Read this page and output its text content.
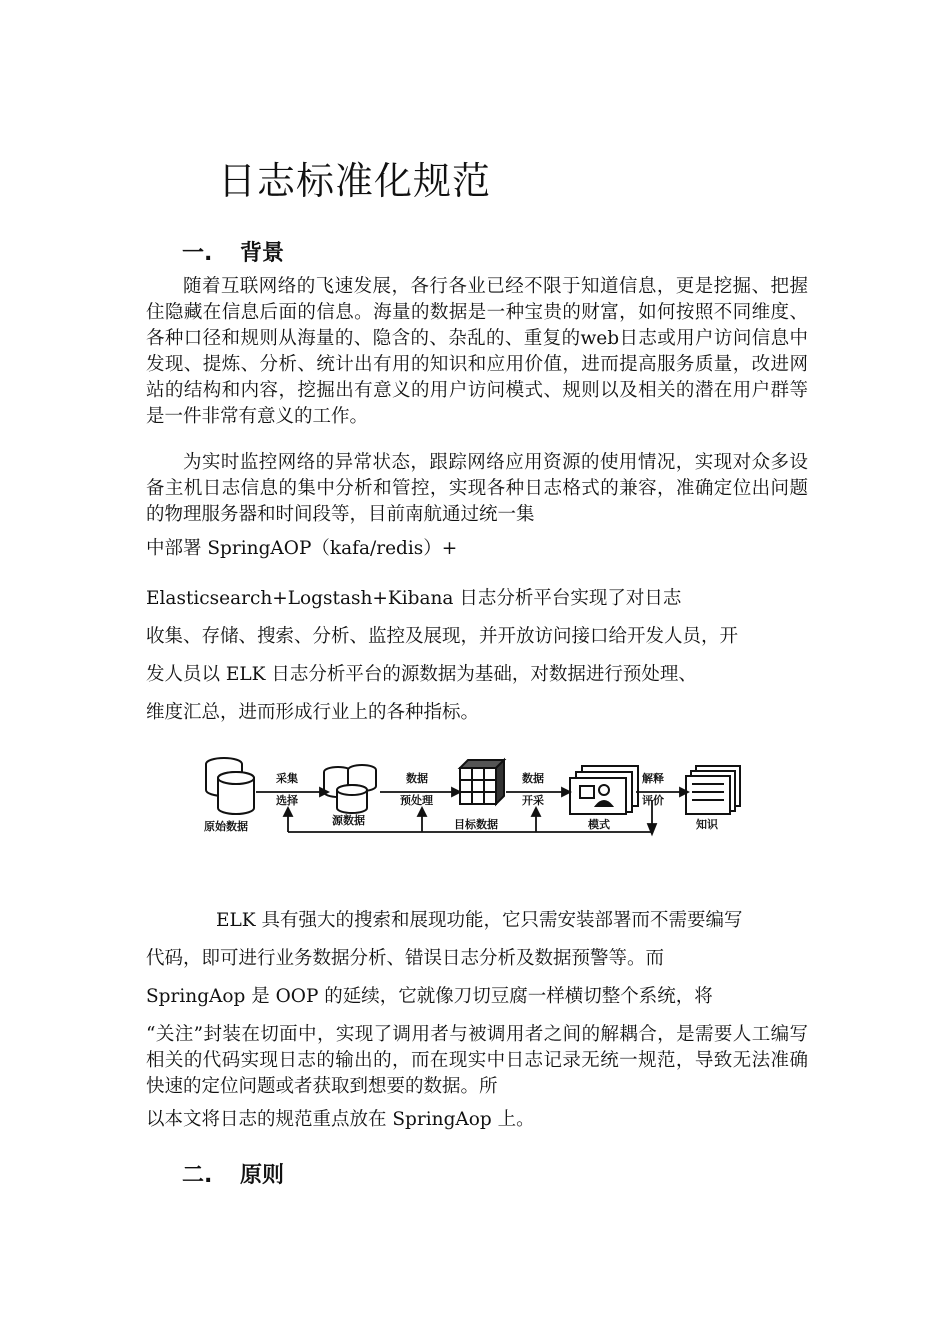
日志标准化规范
一. 背景

随着互联网络的飞速发展，各行各业已经不限于知道信息，更是挖掘、把握住隐藏在信息后面的信息。海量的数据是一种宝贵的财富，如何按照不同维度、各种口径和规则从海量的、隐含的、杂乱的、重复的web日志或用户访问信息中发现、提炼、分析、统计出有用的知识和应用价值，进而提高服务质量，改进网站的结构和内容，挖掘出有意义的用户访问模式、规则以及相关的潜在用户群等是一件非常有意义的工作。

为实时监控网络的异常状态，跟踪网络应用资源的使用情况，实现对众多设备主机日志信息的集中分析和管控，实现各种日志格式的兼容，准确定位出问题的物理服务器和时间段等，目前南航通过统一集

中部署 SpringAOP（kafa/redis）+
Elasticsearch+Logstash+Kibana 日志分析平台实现了对日志
收集、存储、搜索、分析、监控及展现，并开放访问接口给开发人员，开
发人员以 ELK 日志分析平台的源数据为基础，对数据进行预处理、
维度汇总，进而形成行业上的各种指标。
原始数据	源数据	目标数据	模式	知识
采集
选择
数据
预处理
数据
开采
解释
评价
ELK 具有强大的搜索和展现功能，它只需安装部署而不需要编写
代码，即可进行业务数据分析、错误日志分析及数据预警等。而
SpringAop 是 OOP 的延续，它就像刀切豆腐一样横切整个系统，将

“关注”封装在切面中，实现了调用者与被调用者之间的解耦合，是需要人工编写相关的代码实现日志的输出的，而在现实中日志记录无统一规范，导致无法准确快速的定位问题或者获取到想要的数据。所

以本文将日志的规范重点放在 SpringAop 上。

二. 原则
